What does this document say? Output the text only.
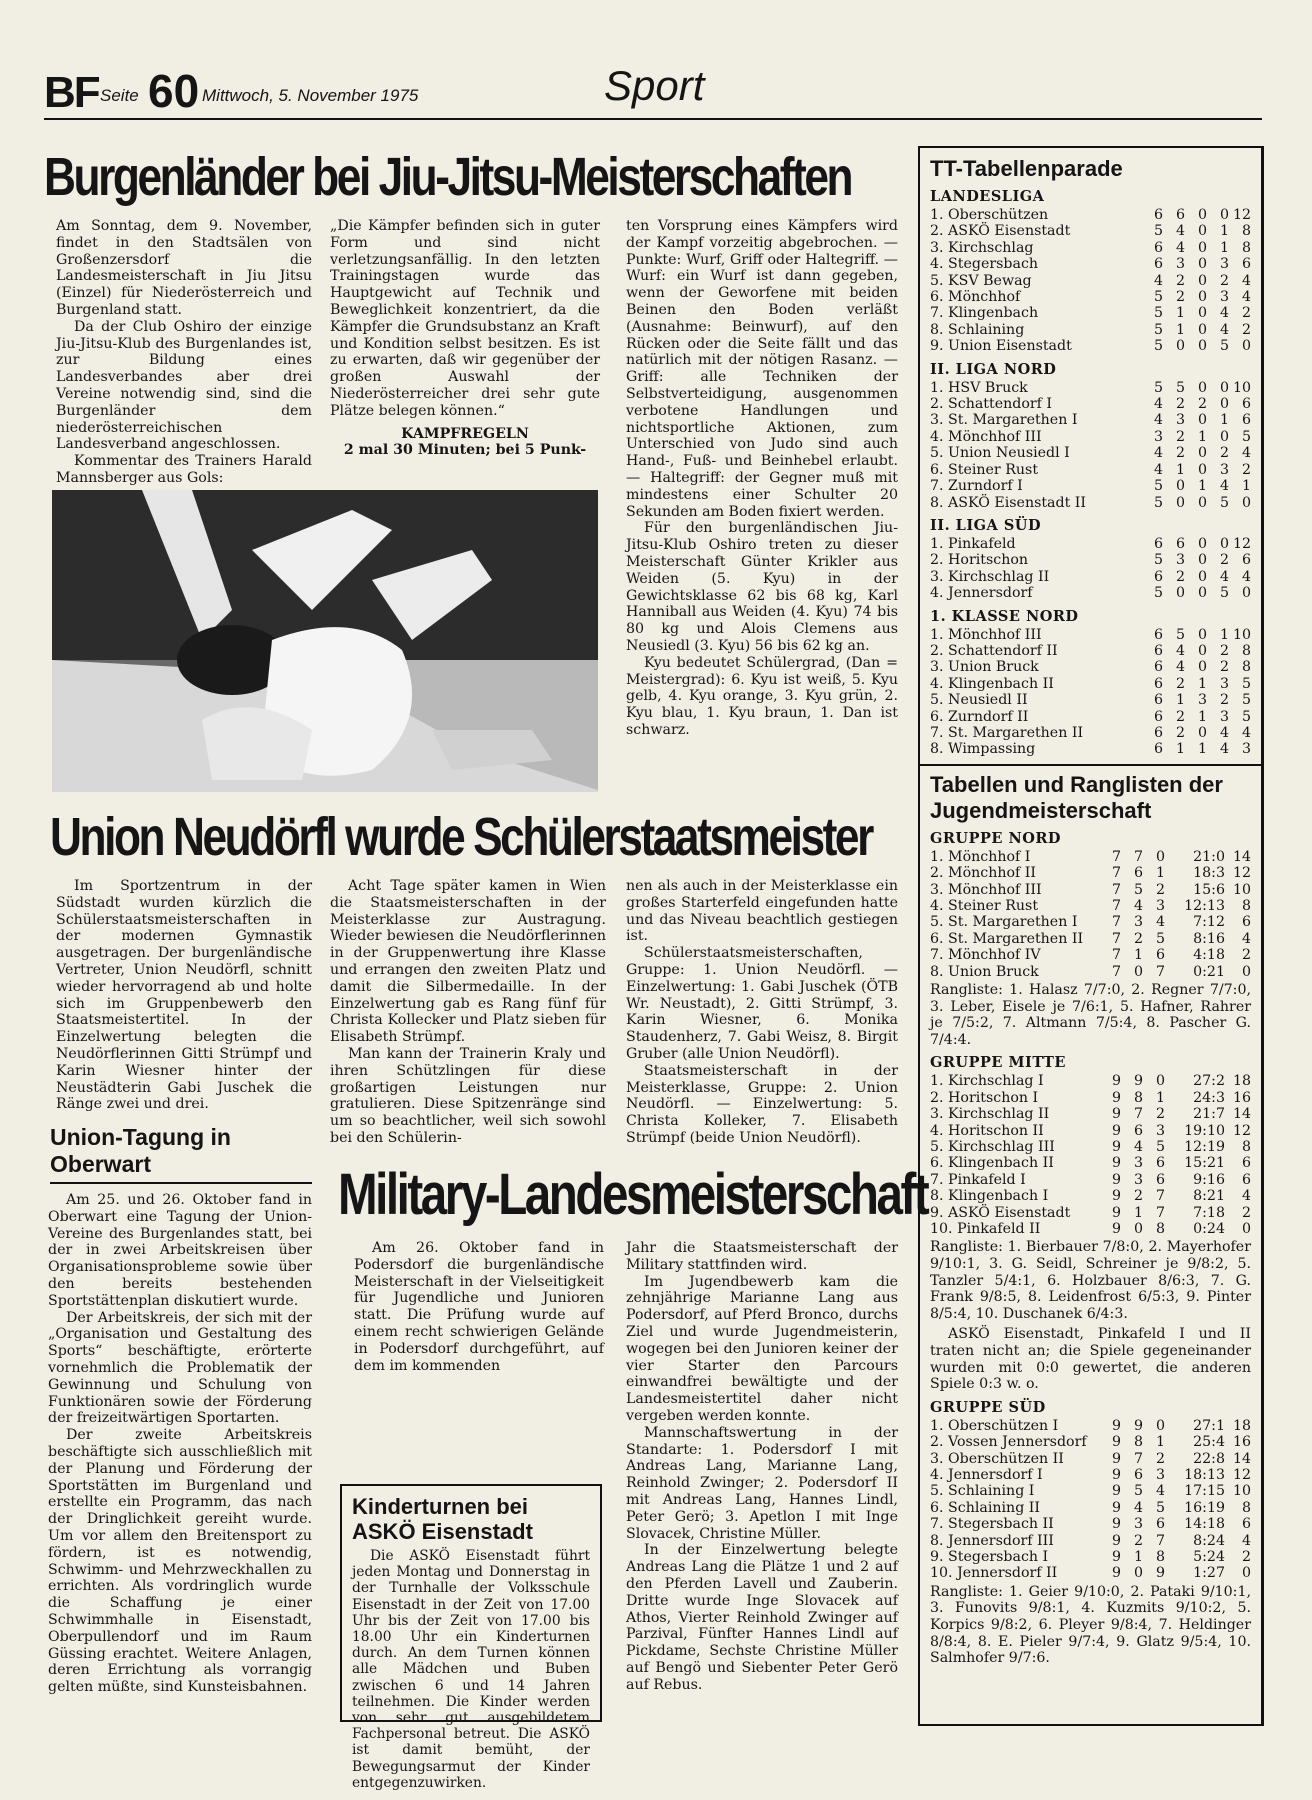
BF Seite 60 Mittwoch, 5. November 1975	Sport
Burgenländer bei Jiu-Jitsu-Meisterschaften

Am Sonntag, dem 9. November, findet in den Stadtsälen von Großenzersdorf die Landesmeisterschaft in Jiu Jitsu (Einzel) für Niederösterreich und Burgenland statt.

Da der Club Oshiro der einzige Jiu-Jitsu-Klub des Burgenlandes ist, zur Bildung eines Landesverbandes aber drei Vereine notwendig sind, sind die Burgenländer dem niederösterreichischen Landesverband angeschlossen.

Kommentar des Trainers Harald Mannsberger aus Gols:

„Die Kämpfer befinden sich in guter Form und sind nicht verletzungsanfällig. In den letzten Trainingstagen wurde das Hauptgewicht auf Technik und Beweglichkeit konzentriert, da die Kämpfer die Grundsubstanz an Kraft und Kondition selbst besitzen. Es ist zu erwarten, daß wir gegenüber der großen Auswahl der Niederösterreicher drei sehr gute Plätze belegen können.“

KAMPFREGELN

2 mal 30 Minuten; bei 5 Punk-

ten Vorsprung eines Kämpfers wird der Kampf vorzeitig abgebrochen. — Punkte: Wurf, Griff oder Haltegriff. — Wurf: ein Wurf ist dann gegeben, wenn der Geworfene mit beiden Beinen den Boden verläßt (Ausnahme: Beinwurf), auf den Rücken oder die Seite fällt und das natürlich mit der nötigen Rasanz. — Griff: alle Techniken der Selbstverteidigung, ausgenommen verbotene Handlungen und nichtsportliche Aktionen, zum Unterschied von Judo sind auch Hand-, Fuß- und Beinhebel erlaubt. — Haltegriff: der Gegner muß mit mindestens einer Schulter 20 Sekunden am Boden fixiert werden.

Für den burgenländischen Jiu-Jitsu-Klub Oshiro treten zu dieser Meisterschaft Günter Krikler aus Weiden (5. Kyu) in der Gewichtsklasse 62 bis 68 kg, Karl Hanniball aus Weiden (4. Kyu) 74 bis 80 kg und Alois Clemens aus Neusiedl (3. Kyu) 56 bis 62 kg an.

Kyu bedeutet Schülergrad, (Dan = Meistergrad): 6. Kyu ist weiß, 5. Kyu gelb, 4. Kyu orange, 3. Kyu grün, 2. Kyu blau, 1. Kyu braun, 1. Dan ist schwarz.

Union Neudörfl wurde Schülerstaatsmeister

Im Sportzentrum in der Südstadt wurden kürzlich die Schülerstaatsmeisterschaften in der modernen Gymnastik ausgetragen. Der burgenländische Vertreter, Union Neudörfl, schnitt wieder hervorragend ab und holte sich im Gruppenbewerb den Staatsmeistertitel. In der Einzelwertung belegten die Neudörflerinnen Gitti Strümpf und Karin Wiesner hinter der Neustädterin Gabi Juschek die Ränge zwei und drei.

Acht Tage später kamen in Wien die Staatsmeisterschaften in der Meisterklasse zur Austragung. Wieder bewiesen die Neudörflerinnen in der Gruppenwertung ihre Klasse und errangen den zweiten Platz und damit die Silbermedaille. In der Einzelwertung gab es Rang fünf für Christa Kollecker und Platz sieben für Elisabeth Strümpf.

Man kann der Trainerin Kraly und ihren Schützlingen für diese großartigen Leistungen nur gratulieren. Diese Spitzenränge sind um so beachtlicher, weil sich sowohl bei den Schülerin-

nen als auch in der Meisterklasse ein großes Starterfeld eingefunden hatte und das Niveau beachtlich gestiegen ist.

Schülerstaatsmeisterschaften, Gruppe: 1. Union Neudörfl. — Einzelwertung: 1. Gabi Juschek (ÖTB Wr. Neustadt), 2. Gitti Strümpf, 3. Karin Wiesner, 6. Monika Staudenherz, 7. Gabi Weisz, 8. Birgit Gruber (alle Union Neudörfl).

Staatsmeisterschaft in der Meisterklasse, Gruppe: 2. Union Neudörfl. — Einzelwertung: 5. Christa Kolleker, 7. Elisabeth Strümpf (beide Union Neudörfl).

Union-Tagung in Oberwart

Am 25. und 26. Oktober fand in Oberwart eine Tagung der Union-Vereine des Burgenlandes statt, bei der in zwei Arbeitskreisen über Organisationsprobleme sowie über den bereits bestehenden Sportstättenplan diskutiert wurde.

Der Arbeitskreis, der sich mit der „Organisation und Gestaltung des Sports“ beschäftigte, erörterte vornehmlich die Problematik der Gewinnung und Schulung von Funktionären sowie der Förderung der freizeitwärtigen Sportarten.

Der zweite Arbeitskreis beschäftigte sich ausschließlich mit der Planung und Förderung der Sportstätten im Burgenland und erstellte ein Programm, das nach der Dringlichkeit gereiht wurde. Um vor allem den Breitensport zu fördern, ist es notwendig, Schwimm- und Mehrzweckhallen zu errichten. Als vordringlich wurde die Schaffung je einer Schwimmhalle in Eisenstadt, Oberpullendorf und im Raum Güssing erachtet. Weitere Anlagen, deren Errichtung als vorrangig gelten müßte, sind Kunsteisbahnen.

Military-Landesmeisterschaft

Am 26. Oktober fand in Podersdorf die burgenländische Meisterschaft in der Vielseitigkeit für Jugendliche und Junioren statt. Die Prüfung wurde auf einem recht schwierigen Gelände in Podersdorf durchgeführt, auf dem im kommenden

Jahr die Staatsmeisterschaft der Military stattfinden wird.

Im Jugendbewerb kam die zehnjährige Marianne Lang aus Podersdorf, auf Pferd Bronco, durchs Ziel und wurde Jugendmeisterin, wogegen bei den Junioren keiner der vier Starter den Parcours einwandfrei bewältigte und der Landesmeistertitel daher nicht vergeben werden konnte.

Mannschaftswertung in der Standarte: 1. Podersdorf I mit Andreas Lang, Marianne Lang, Reinhold Zwinger; 2. Podersdorf II mit Andreas Lang, Hannes Lindl, Peter Gerö; 3. Apetlon I mit Inge Slovacek, Christine Müller.

In der Einzelwertung belegte Andreas Lang die Plätze 1 und 2 auf den Pferden Lavell und Zauberin. Dritte wurde Inge Slovacek auf Athos, Vierter Reinhold Zwinger auf Parzival, Fünfter Hannes Lindl auf Pickdame, Sechste Christine Müller auf Bengö und Siebenter Peter Gerö auf Rebus.

Kinderturnen bei ASKÖ Eisenstadt

Die ASKÖ Eisenstadt führt jeden Montag und Donnerstag in der Turnhalle der Volksschule Eisenstadt in der Zeit von 17.00 Uhr bis der Zeit von 17.00 bis 18.00 Uhr ein Kinderturnen durch. An dem Turnen können alle Mädchen und Buben zwischen 6 und 14 Jahren teilnehmen. Die Kinder werden von sehr gut ausgebildetem Fachpersonal betreut. Die ASKÖ ist damit bemüht, der Bewegungsarmut der Kinder entgegenzuwirken.

TT-Tabellenparade
LANDESLIGA
1. Oberschützen	6	6	0	0	12
2. ASKÖ Eisenstadt	5	4	0	1	8
3. Kirchschlag	6	4	0	1	8
4. Stegersbach	6	3	0	3	6
5. KSV Bewag	4	2	0	2	4
6. Mönchhof	5	2	0	3	4
7. Klingenbach	5	1	0	4	2
8. Schlaining	5	1	0	4	2
9. Union Eisenstadt	5	0	0	5	0
II. LIGA NORD
1. HSV Bruck	5	5	0	0	10
2. Schattendorf I	4	2	2	0	6
3. St. Margarethen I	4	3	0	1	6
4. Mönchhof III	3	2	1	0	5
5. Union Neusiedl I	4	2	0	2	4
6. Steiner Rust	4	1	0	3	2
7. Zurndorf I	5	0	1	4	1
8. ASKÖ Eisenstadt II	5	0	0	5	0
II. LIGA SÜD
1. Pinkafeld	6	6	0	0	12
2. Horitschon	5	3	0	2	6
3. Kirchschlag II	6	2	0	4	4
4. Jennersdorf	5	0	0	5	0
1. KLASSE NORD
1. Mönchhof III	6	5	0	1	10
2. Schattendorf II	6	4	0	2	8
3. Union Bruck	6	4	0	2	8
4. Klingenbach II	6	2	1	3	5
5. Neusiedl II	6	1	3	2	5
6. Zurndorf II	6	2	1	3	5
7. St. Margarethen II	6	2	0	4	4
8. Wimpassing	6	1	1	4	3
Tabellen und Ranglisten der Jugendmeisterschaft
GRUPPE NORD
1. Mönchhof I	7	7	0	21:0	14
2. Mönchhof II	7	6	1	18:3	12
3. Mönchhof III	7	5	2	15:6	10
4. Steiner Rust	7	4	3	12:13	8
5. St. Margarethen I	7	3	4	7:12	6
6. St. Margarethen II	7	2	5	8:16	4
7. Mönchhof IV	7	1	6	4:18	2
8. Union Bruck	7	0	7	0:21	0
Rangliste: 1. Halasz 7/7:0, 2. Regner 7/7:0, 3. Leber, Eisele je 7/6:1, 5. Hafner, Rahrer je 7/5:2, 7. Altmann 7/5:4, 8. Pascher G. 7/4:4.
GRUPPE MITTE
1. Kirchschlag I	9	9	0	27:2	18
2. Horitschon I	9	8	1	24:3	16
3. Kirchschlag II	9	7	2	21:7	14
4. Horitschon II	9	6	3	19:10	12
5. Kirchschlag III	9	4	5	12:19	8
6. Klingenbach II	9	3	6	15:21	6
7. Pinkafeld I	9	3	6	9:16	6
8. Klingenbach I	9	2	7	8:21	4
9. ASKÖ Eisenstadt	9	1	7	7:18	2
10. Pinkafeld II	9	0	8	0:24	0
Rangliste: 1. Bierbauer 7/8:0, 2. Mayerhofer 9/10:1, 3. G. Seidl, Schreiner je 9/8:2, 5. Tanzler 5/4:1, 6. Holzbauer 8/6:3, 7. G. Frank 9/8:5, 8. Leidenfrost 6/5:3, 9. Pinter 8/5:4, 10. Duschanek 6/4:3.
ASKÖ Eisenstadt, Pinkafeld I und II traten nicht an; die Spiele gegeneinander wurden mit 0:0 gewertet, die anderen Spiele 0:3 w. o.
GRUPPE SÜD
1. Oberschützen I	9	9	0	27:1	18
2. Vossen Jennersdorf	9	8	1	25:4	16
3. Oberschützen II	9	7	2	22:8	14
4. Jennersdorf I	9	6	3	18:13	12
5. Schlaining I	9	5	4	17:15	10
6. Schlaining II	9	4	5	16:19	8
7. Stegersbach II	9	3	6	14:18	6
8. Jennersdorf III	9	2	7	8:24	4
9. Stegersbach I	9	1	8	5:24	2
10. Jennersdorf II	9	0	9	1:27	0
Rangliste: 1. Geier 9/10:0, 2. Pataki 9/10:1, 3. Funovits 9/8:1, 4. Kuzmits 9/10:2, 5. Korpics 9/8:2, 6. Pleyer 9/8:4, 7. Heldinger 8/8:4, 8. E. Pieler 9/7:4, 9. Glatz 9/5:4, 10. Salmhofer 9/7:6.
